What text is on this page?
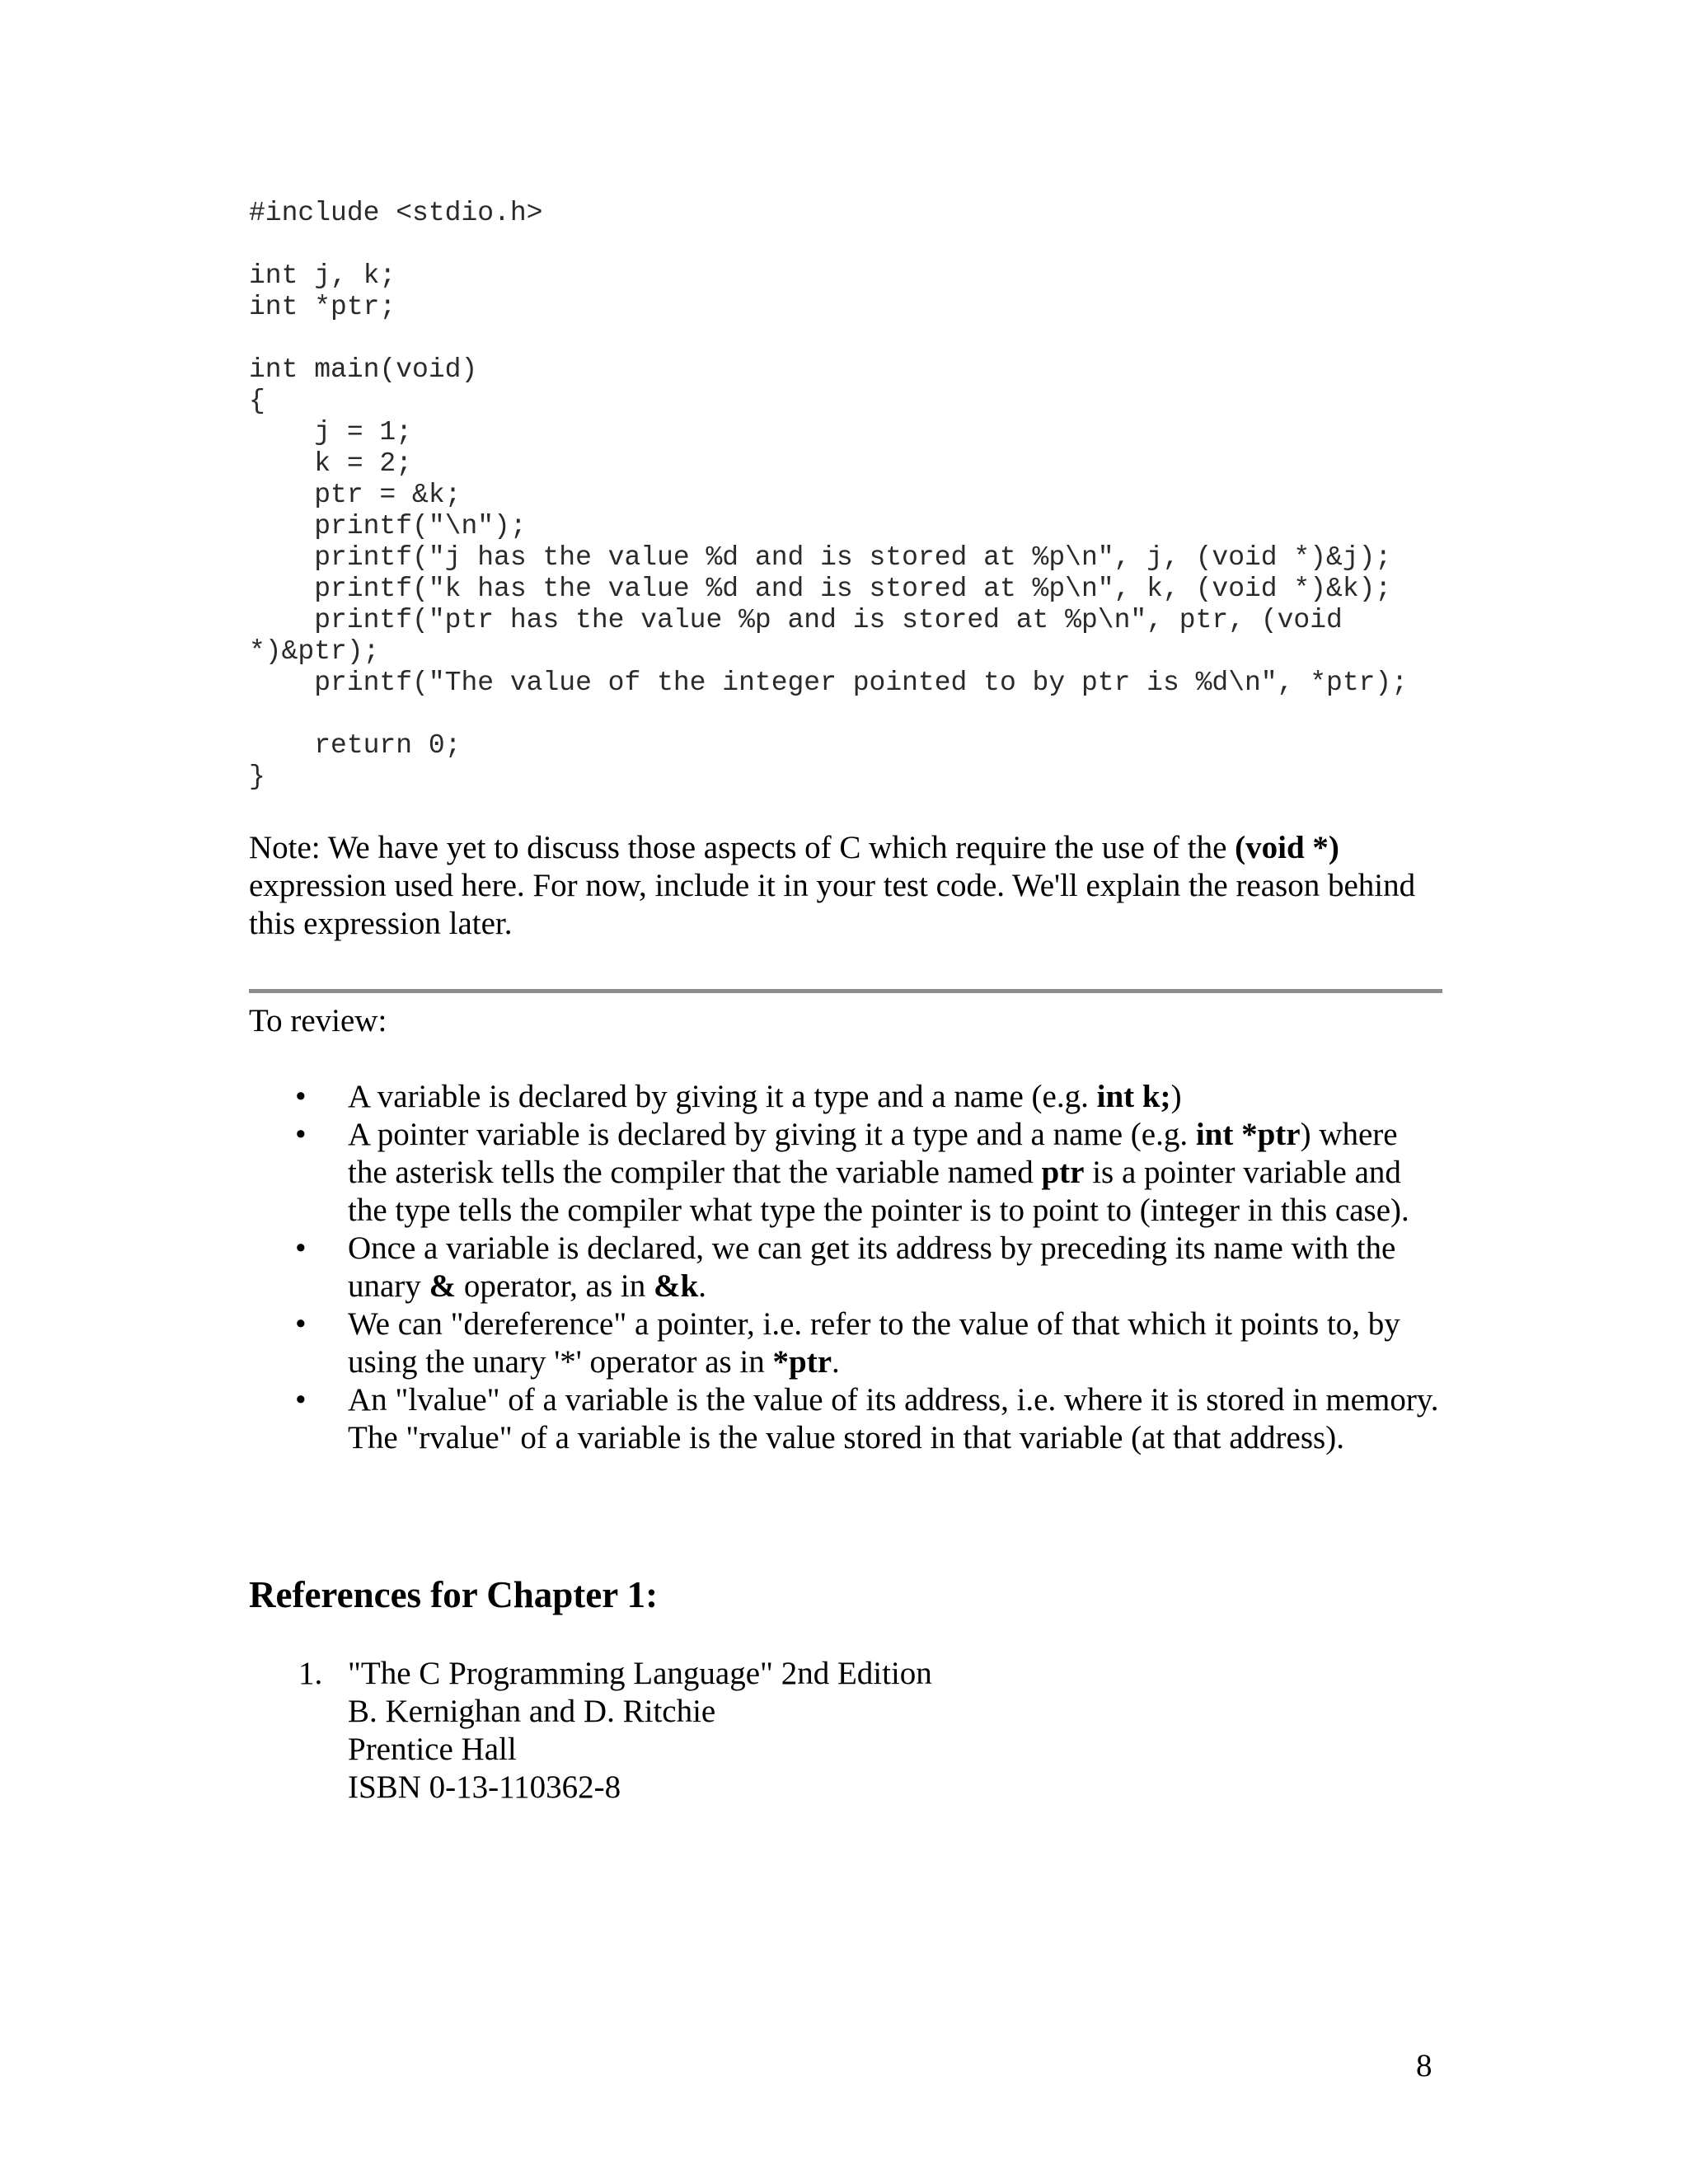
#include <stdio.h>

int j, k;
int *ptr;

int main(void)
{
j = 1;
k = 2;
ptr = &k;
printf("\n");
printf("j has the value %d and is stored at %p\n", j, (void *)&j);
printf("k has the value %d and is stored at %p\n", k, (void *)&k);
printf("ptr has the value %p and is stored at %p\n", ptr, (void
*)&ptr);
printf("The value of the integer pointed to by ptr is %d\n", *ptr);

return 0;
}

Note: We have yet to discuss those aspects of C which require the use of the (void *) expression used here. For now, include it in your test code. We'll explain the reason behind this expression later.

To review:

• A variable is declared by giving it a type and a name (e.g. int k;)
• A pointer variable is declared by giving it a type and a name (e.g. int *ptr) where the asterisk tells the compiler that the variable named ptr is a pointer variable and the type tells the compiler what type the pointer is to point to (integer in this case).
• Once a variable is declared, we can get its address by preceding its name with the unary & operator, as in &k.
• We can "dereference" a pointer, i.e. refer to the value of that which it points to, by using the unary '*' operator as in *ptr.
• An "lvalue" of a variable is the value of its address, i.e. where it is stored in memory. The "rvalue" of a variable is the value stored in that variable (at that address).
References for Chapter 1:
1. "The C Programming Language" 2nd Edition
B. Kernighan and D. Ritchie
Prentice Hall
ISBN 0-13-110362-8

8
